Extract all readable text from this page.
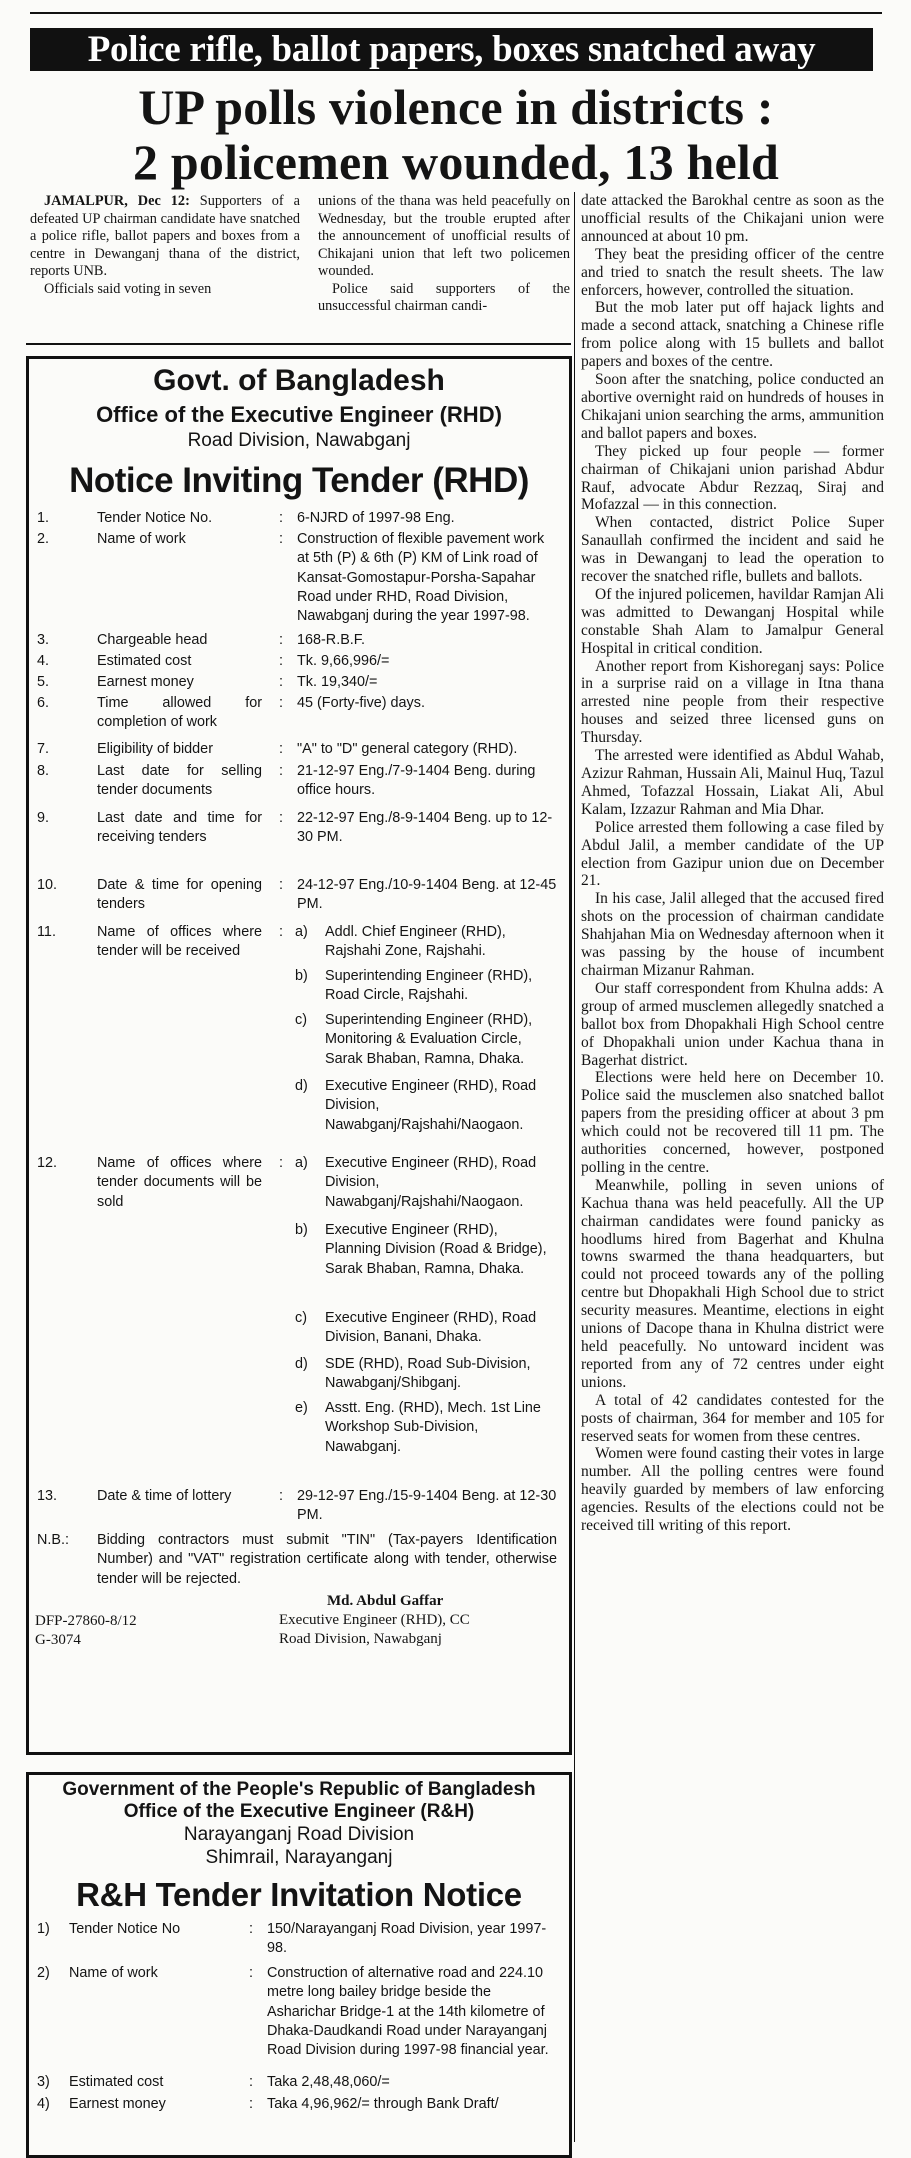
Police rifle, ballot papers, boxes snatched away
UP polls violence in districts :
2 policemen wounded, 13 held

JAMALPUR, Dec 12: Supporters of a defeated UP chairman candidate have snatched a police rifle, ballot papers and boxes from a centre in Dewanganj thana of the district, reports UNB.

Officials said voting in seven

unions of the thana was held peacefully on Wednesday, but the trouble erupted after the announcement of unofficial results of Chikajani union that left two policemen wounded.

Police said supporters of the unsuccessful chairman candi-

date attacked the Barokhal centre as soon as the unofficial results of the Chikajani union were announced at about 10 pm.

They beat the presiding officer of the centre and tried to snatch the result sheets. The law enforcers, however, controlled the situation.

But the mob later put off hajack lights and made a second attack, snatching a Chinese rifle from police along with 15 bullets and ballot papers and boxes of the centre.

Soon after the snatching, police conducted an abortive overnight raid on hundreds of houses in Chikajani union searching the arms, ammunition and ballot papers and boxes.

They picked up four people — former chairman of Chikajani union parishad Abdur Rauf, advocate Abdur Rezzaq, Siraj and Mofazzal — in this connection.

When contacted, district Police Super Sanaullah confirmed the incident and said he was in Dewanganj to lead the operation to recover the snatched rifle, bullets and ballots.

Of the injured policemen, havildar Ramjan Ali was admitted to Dewanganj Hospital while constable Shah Alam to Jamalpur General Hospital in critical condition.

Another report from Kishoreganj says: Police in a surprise raid on a village in Itna thana arrested nine people from their respective houses and seized three licensed guns on Thursday.

The arrested were identified as Abdul Wahab, Azizur Rahman, Hussain Ali, Mainul Huq, Tazul Ahmed, Tofazzal Hossain, Liakat Ali, Abul Kalam, Izzazur Rahman and Mia Dhar.

Police arrested them following a case filed by Abdul Jalil, a member candidate of the UP election from Gazipur union due on December 21.

In his case, Jalil alleged that the accused fired shots on the procession of chairman candidate Shahjahan Mia on Wednesday afternoon when it was passing by the house of incumbent chairman Mizanur Rahman.

Our staff correspondent from Khulna adds: A group of armed musclemen allegedly snatched a ballot box from Dhopakhali High School centre of Dhopakhali union under Kachua thana in Bagerhat district.

Elections were held here on December 10. Police said the musclemen also snatched ballot papers from the presiding officer at about 3 pm which could not be recovered till 11 pm. The authorities concerned, however, postponed polling in the centre.

Meanwhile, polling in seven unions of Kachua thana was held peacefully. All the UP chairman candidates were found panicky as hoodlums hired from Bagerhat and Khulna towns swarmed the thana headquarters, but could not proceed towards any of the polling centre but Dhopakhali High School due to strict security measures. Meantime, elections in eight unions of Dacope thana in Khulna district were held peacefully. No untoward incident was reported from any of 72 centres under eight unions.

A total of 42 candidates contested for the posts of chairman, 364 for member and 105 for reserved seats for women from these centres.

Women were found casting their votes in large number. All the polling centres were found heavily guarded by members of law enforcing agencies. Results of the elections could not be received till writing of this report.

Govt. of Bangladesh
Office of the Executive Engineer (RHD)
Road Division, Nawabganj
Notice Inviting Tender (RHD)
1.	Tender Notice No.	: 6-NJRD of 1997-98 Eng.
2.	Name of work	: Construction of flexible pavement work at 5th (P) & 6th (P) KM of Link road of Kansat-Gomostapur-Porsha-Sapahar Road under RHD, Road Division, Nawabganj during the year 1997-98.
3.	Chargeable head	: 168-R.B.F.
4.	Estimated cost	: Tk. 9,66,996/=
5.	Earnest money	: Tk. 19,340/=
6.	Time allowed for completion of work
: 45 (Forty-five) days.
7.	Eligibility of bidder	: "A" to "D" general category (RHD).
8.	Last date for selling tender documents
: 21-12-97 Eng./7-9-1404 Beng. during office hours.
9.	Last date and time for receiving tenders
: 22-12-97 Eng./8-9-1404 Beng. up to 12-30 PM.
10.	Date & time for opening tenders
: 24-12-97 Eng./10-9-1404 Beng. at 12-45 PM.
11.	Name of offices where tender will be received
: a) Addl. Chief Engineer (RHD), Rajshahi Zone, Rajshahi.
b) Superintending Engineer (RHD), Road Circle, Rajshahi.
c) Superintending Engineer (RHD), Monitoring & Evaluation Circle, Sarak Bhaban, Ramna, Dhaka.
d) Executive Engineer (RHD), Road Division, Nawabganj/Rajshahi/Naogaon.
12.	Name of offices where tender documents will be sold
: a) Executive Engineer (RHD), Road Division, Nawabganj/Rajshahi/Naogaon.
b) Executive Engineer (RHD), Planning Division (Road & Bridge), Sarak Bhaban, Ramna, Dhaka.
c) Executive Engineer (RHD), Road Division, Banani, Dhaka.
d) SDE (RHD), Road Sub-Division, Nawabganj/Shibganj.
e) Asstt. Eng. (RHD), Mech. 1st Line Workshop Sub-Division, Nawabganj.
13.	Date & time of lottery	: 29-12-97 Eng./15-9-1404 Beng. at 12-30 PM.
N.B.: Bidding contractors must submit "TIN" (Tax-payers Identification Number) and "VAT" registration certificate along with tender, otherwise tender will be rejected.
Md. Abdul Gaffar
Executive Engineer (RHD), CC
Road Division, Nawabganj
DFP-27860-8/12
G-3074
Government of the People's Republic of Bangladesh
Office of the Executive Engineer (R&H)
Narayanganj Road Division
Shimrail, Narayanganj
R&H Tender Invitation Notice
1) Tender Notice No	: 150/Narayanganj Road Division, year 1997-98.
2) Name of work	: Construction of alternative road and 224.10 metre long bailey bridge beside the Asharichar Bridge-1 at the 14th kilometre of Dhaka-Daudkandi Road under Narayanganj Road Division during 1997-98 financial year.
3) Estimated cost	: Taka 2,48,48,060/=
4) Earnest money	: Taka 4,96,962/= through Bank Draft/
